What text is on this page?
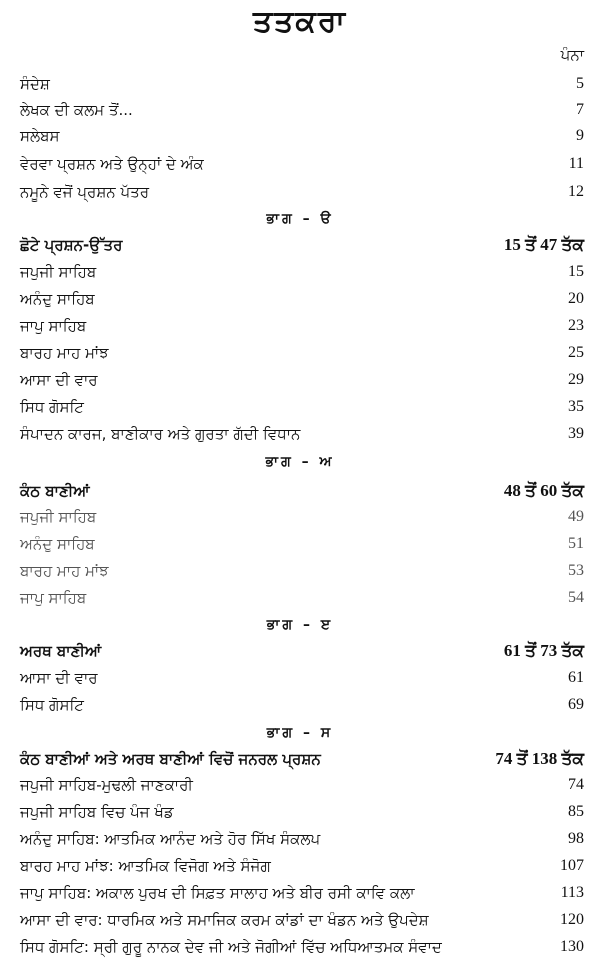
ਤਤਕਰਾ
ਪੰਨਾ
ਸੰਦੇਸ਼	5
ਲੇਖਕ ਦੀ ਕਲਮ ਤੋਂ...	7
ਸਲੇਬਸ	9
ਵੇਰਵਾ ਪ੍ਰਸ਼ਨ ਅਤੇ ਉਨ੍ਹਾਂ ਦੇ ਅੰਕ	11
ਨਮੂਨੇ ਵਜੋਂ ਪ੍ਰਸ਼ਨ ਪੱਤਰ	12
ਭਾਗ – ੳ
ਛੋਟੇ ਪ੍ਰਸ਼ਨ-ਉੱਤਰ	15 ਤੋਂ 47 ਤੱਕ
ਜਪੁਜੀ ਸਾਹਿਬ	15
ਅਨੰਦੁ ਸਾਹਿਬ	20
ਜਾਪੁ ਸਾਹਿਬ	23
ਬਾਰਹ ਮਾਹ ਮਾਂਝ	25
ਆਸਾ ਦੀ ਵਾਰ	29
ਸਿਧ ਗੋਸਟਿ	35
ਸੰਪਾਦਨ ਕਾਰਜ, ਬਾਣੀਕਾਰ ਅਤੇ ਗੁਰਤਾ ਗੱਦੀ ਵਿਧਾਨ	39
ਭਾਗ – ਅ
ਕੰਠ ਬਾਣੀਆਂ	48 ਤੋਂ 60 ਤੱਕ
ਜਪੁਜੀ ਸਾਹਿਬ	49
ਅਨੰਦੁ ਸਾਹਿਬ	51
ਬਾਰਹ ਮਾਹ ਮਾਂਝ	53
ਜਾਪੁ ਸਾਹਿਬ	54
ਭਾਗ – ੲ
ਅਰਥ ਬਾਣੀਆਂ	61 ਤੋਂ 73 ਤੱਕ
ਆਸਾ ਦੀ ਵਾਰ	61
ਸਿਧ ਗੋਸਟਿ	69
ਭਾਗ – ਸ
ਕੰਠ ਬਾਣੀਆਂ ਅਤੇ ਅਰਥ ਬਾਣੀਆਂ ਵਿਚੋਂ ਜਨਰਲ ਪ੍ਰਸ਼ਨ	74 ਤੋਂ 138 ਤੱਕ
ਜਪੁਜੀ ਸਾਹਿਬ-ਮੁਢਲੀ ਜਾਣਕਾਰੀ	74
ਜਪੁਜੀ ਸਾਹਿਬ ਵਿਚ ਪੰਜ ਖੰਡ	85
ਅਨੰਦੁ ਸਾਹਿਬ: ਆਤਮਿਕ ਆਨੰਦ ਅਤੇ ਹੋਰ ਸਿੱਖ ਸੰਕਲਪ	98
ਬਾਰਹ ਮਾਹ ਮਾਂਝ: ਆਤਮਿਕ ਵਿਜੋਗ ਅਤੇ ਸੰਜੋਗ	107
ਜਾਪੁ ਸਾਹਿਬ: ਅਕਾਲ ਪੁਰਖ ਦੀ ਸਿਫ਼ਤ ਸਾਲਾਹ ਅਤੇ ਬੀਰ ਰਸੀ ਕਾਵਿ ਕਲਾ	113
ਆਸਾ ਦੀ ਵਾਰ: ਧਾਰਮਿਕ ਅਤੇ ਸਮਾਜਿਕ ਕਰਮ ਕਾਂਡਾਂ ਦਾ ਖੰਡਨ ਅਤੇ ਉਪਦੇਸ਼	120
ਸਿਧ ਗੋਸਟਿ: ਸ੍ਰੀ ਗੁਰੂ ਨਾਨਕ ਦੇਵ ਜੀ ਅਤੇ ਜੋਗੀਆਂ ਵਿੱਚ ਅਧਿਆਤਮਕ ਸੰਵਾਦ	130
